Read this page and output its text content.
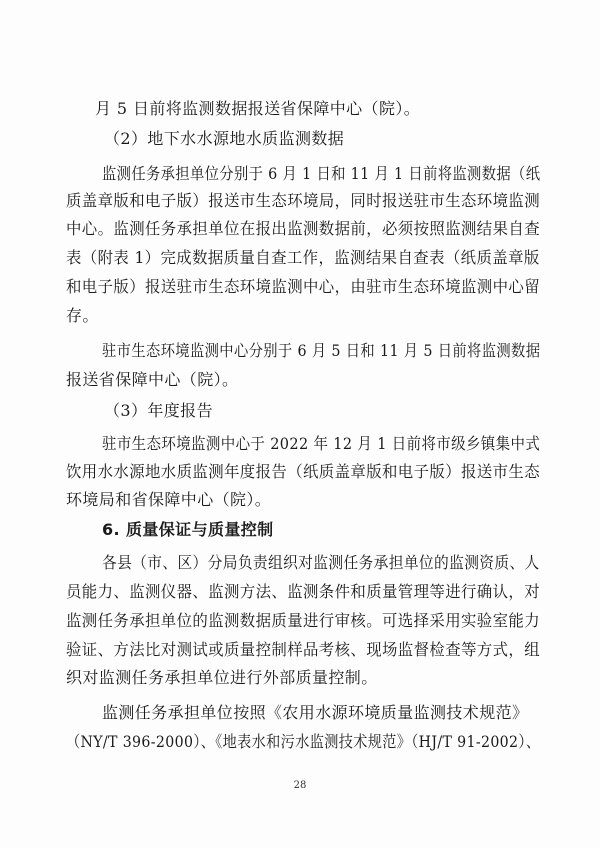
月 5 日前将监测数据报送省保障中心（院）。
（2）地下水水源地水质监测数据
监测任务承担单位分别于 6 月 1 日和 11 月 1 日前将监测数据（纸
质盖章版和电子版）报送市生态环境局，同时报送驻市生态环境监测
中心。监测任务承担单位在报出监测数据前，必须按照监测结果自查
表（附表 1）完成数据质量自查工作，监测结果自查表（纸质盖章版
和电子版）报送驻市生态环境监测中心，由驻市生态环境监测中心留
存。
驻市生态环境监测中心分别于 6 月 5 日和 11 月 5 日前将监测数据
报送省保障中心（院）。
（3）年度报告
驻市生态环境监测中心于 2022 年 12 月 1 日前将市级乡镇集中式
饮用水水源地水质监测年度报告（纸质盖章版和电子版）报送市生态
环境局和省保障中心（院）。
6. 质量保证与质量控制
各县（市、区）分局负责组织对监测任务承担单位的监测资质、人
员能力、监测仪器、监测方法、监测条件和质量管理等进行确认，对
监测任务承担单位的监测数据质量进行审核。可选择采用实验室能力
验证、方法比对测试或质量控制样品考核、现场监督检查等方式，组
织对监测任务承担单位进行外部质量控制。
监测任务承担单位按照《农用水源环境质量监测技术规范》
（NY/T 396-2000）、《地表水和污水监测技术规范》（HJ/T 91-2002）、
28
